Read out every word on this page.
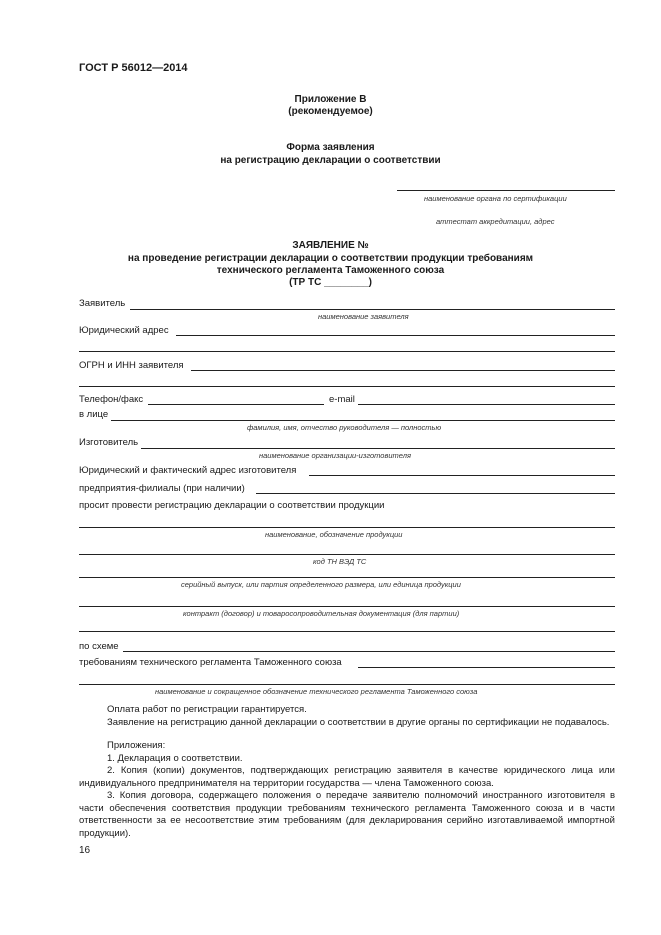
ГОСТ Р 56012—2014
Приложение В
(рекомендуемое)
Форма заявления
на регистрацию декларации о соответствии
наименование органа по сертификации
аттестат аккредитации, адрес
ЗАЯВЛЕНИЕ №
на проведение регистрации декларации о соответствии продукции требованиям
технического регламента Таможенного союза
(ТР ТС ________)
Заявитель
наименование заявителя
Юридический адрес
ОГРН и ИНН заявителя
Телефон/факс	e-mail
в лице
фамилия, имя, отчество руководителя — полностью
Изготовитель
наименование организации-изготовителя
Юридический и фактический адрес изготовителя
предприятия-филиалы (при наличии)
просит провести регистрацию декларации о соответствии продукции
наименование, обозначение продукции
код ТН ВЭД ТС
серийный выпуск, или партия определенного размера, или единица продукции
контракт (договор) и товаросопроводительная документация (для партии)
по схеме
требованиям технического регламента Таможенного союза
наименование и сокращенное обозначение технического регламента Таможенного союза

Оплата работ по регистрации гарантируется.

Заявление на регистрацию данной декларации о соответствии в другие органы по сертификации не подавалось.

Приложения:

1. Декларация о соответствии.

2. Копия (копии) документов, подтверждающих регистрацию заявителя в качестве юридического лица или индивидуального предпринимателя на территории государства — члена Таможенного союза.

3. Копия договора, содержащего положения о передаче заявителю полномочий иностранного изготовителя в части обеспечения соответствия продукции требованиям технического регламента Таможенного союза и в части ответственности за ее несоответствие этим требованиям (для декларирования серийно изготавливаемой импортной продукции).

16
